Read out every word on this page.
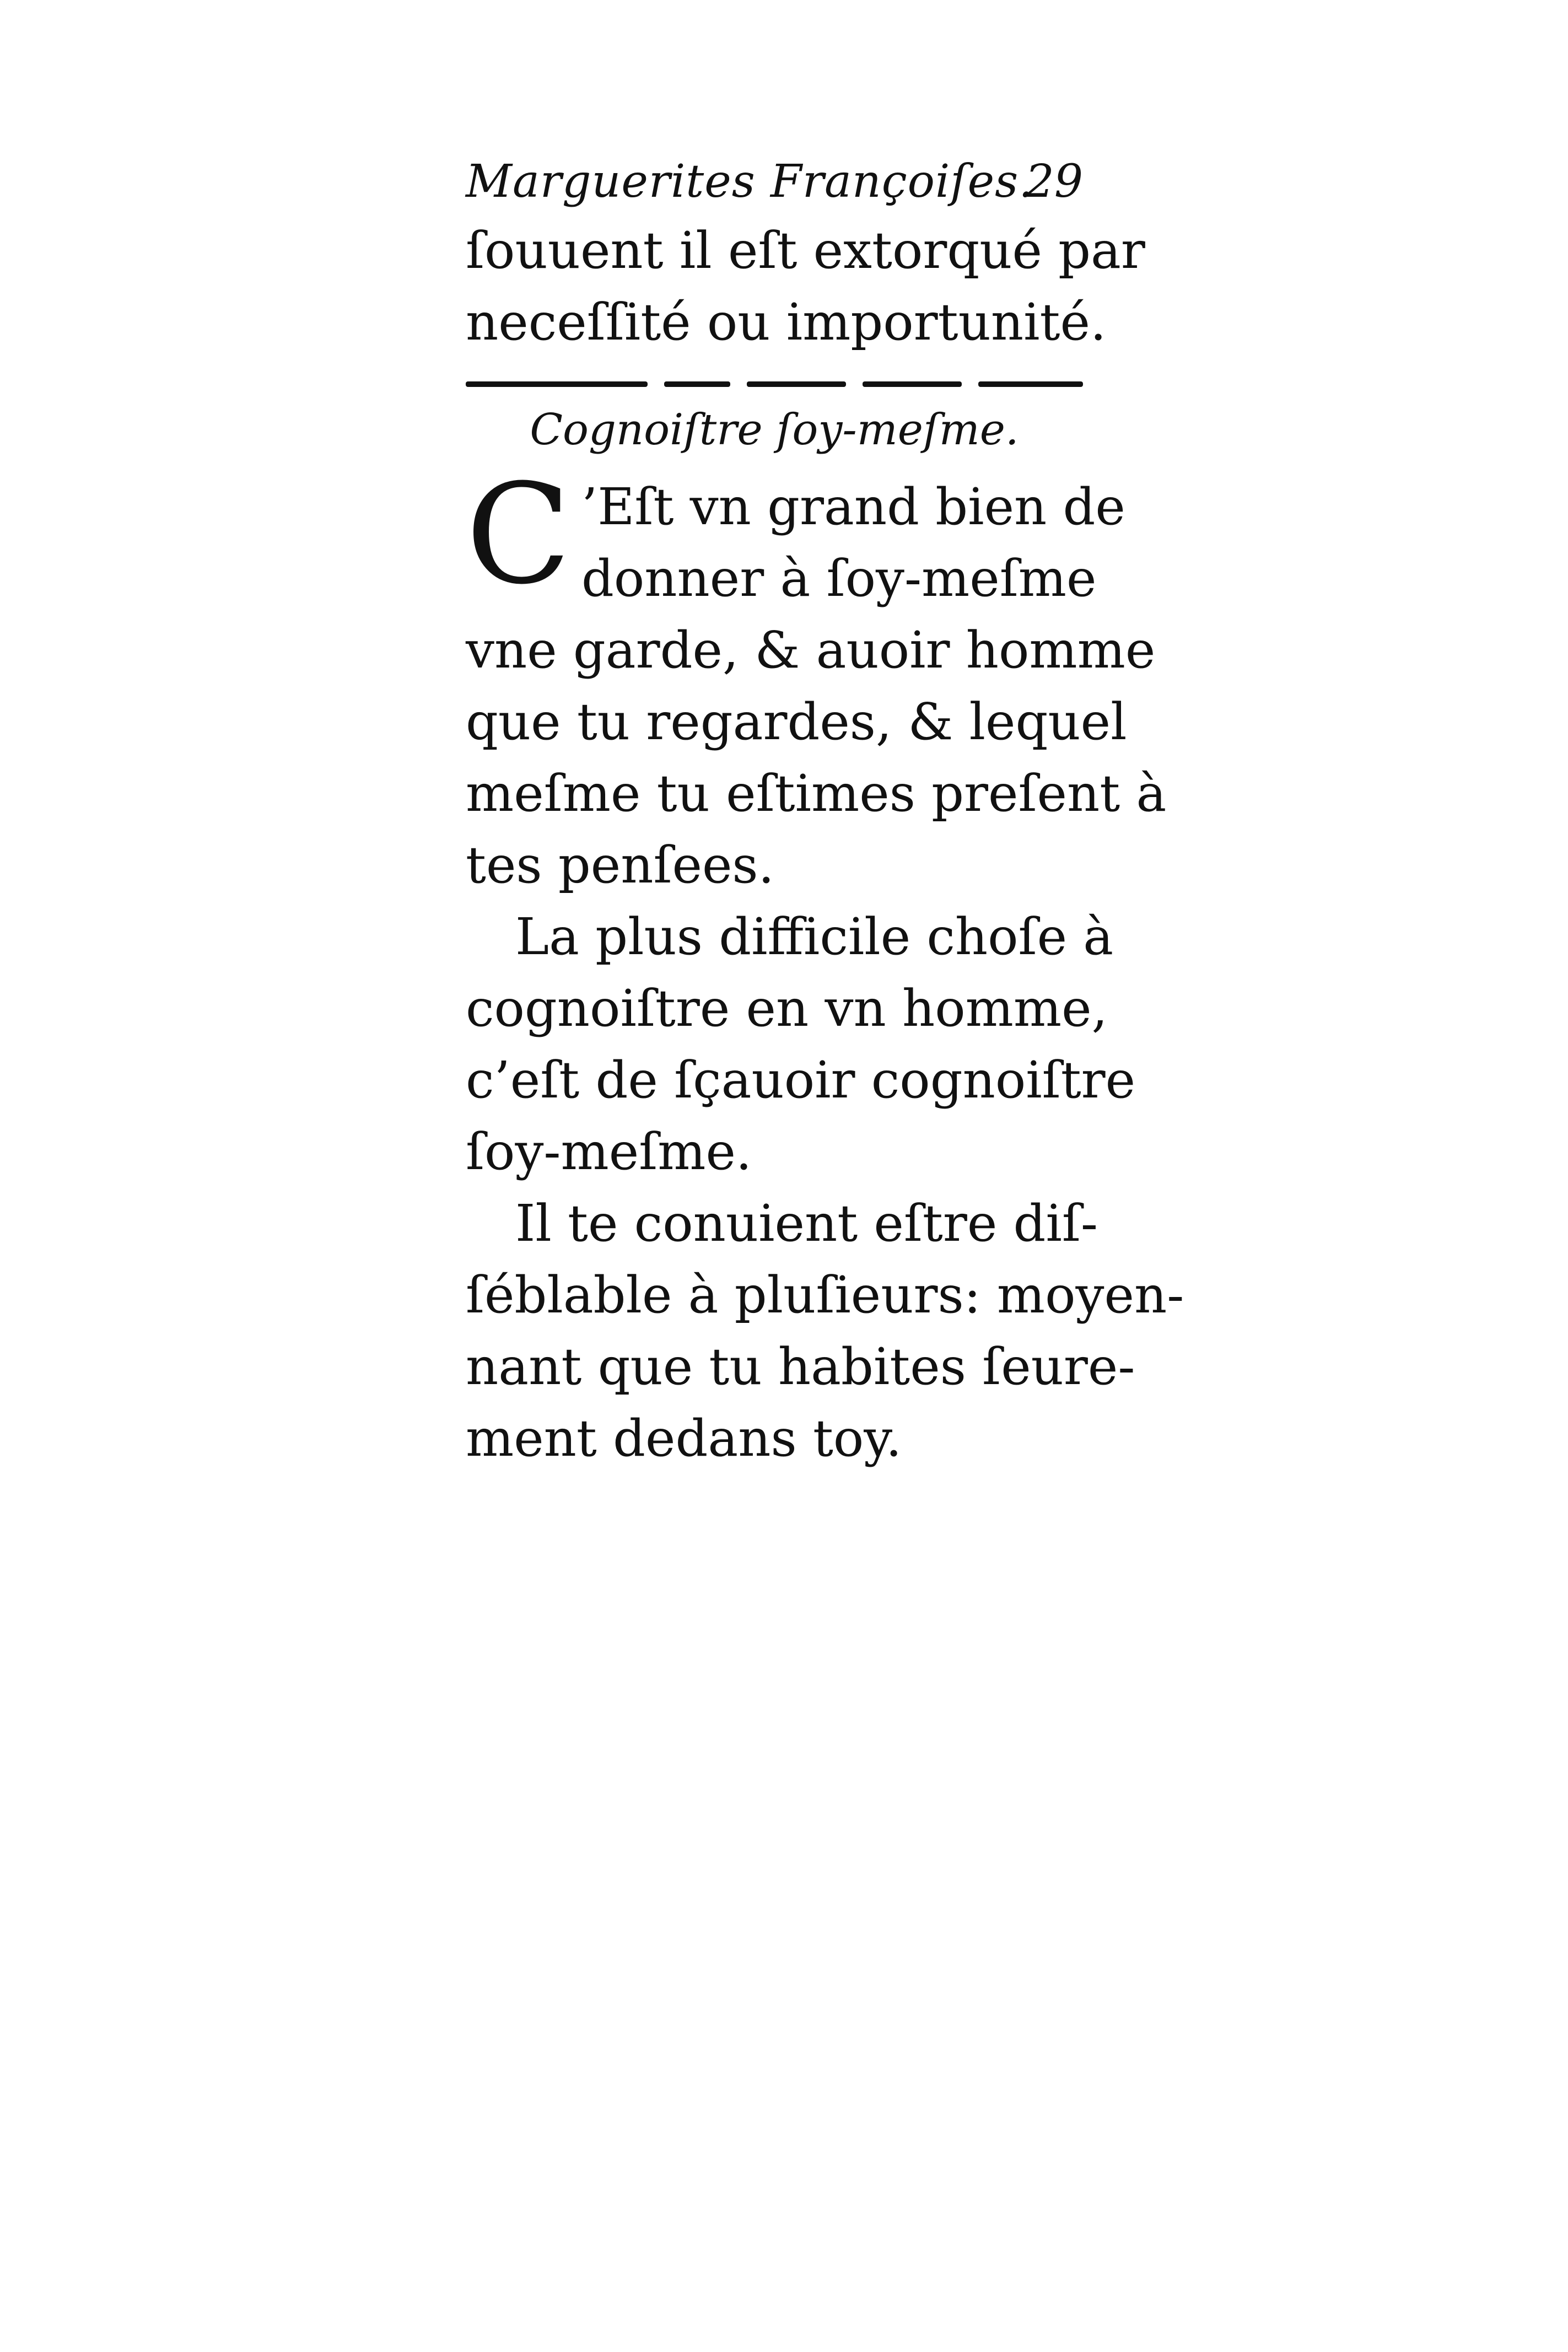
Marguerites Françoiſes.
29
ſouuent il eſt extorqué par
neceſſité ou importunité.
Cognoiſtre ſoy-meſme.
C ’Eſt vn grand bien de
donner à ſoy-meſme
vne garde, & auoir homme
que tu regardes, & lequel
meſme tu eſtimes preſent à
tes penſees.
La plus difficile choſe à
cognoiſtre en vn homme,
c’eſt de ſçauoir cognoiſtre
ſoy-meſme.
Il te conuient eſtre diſ-
ſéblable à pluſieurs: moyen-
nant que tu habites ſeure-
ment dedans toy.
